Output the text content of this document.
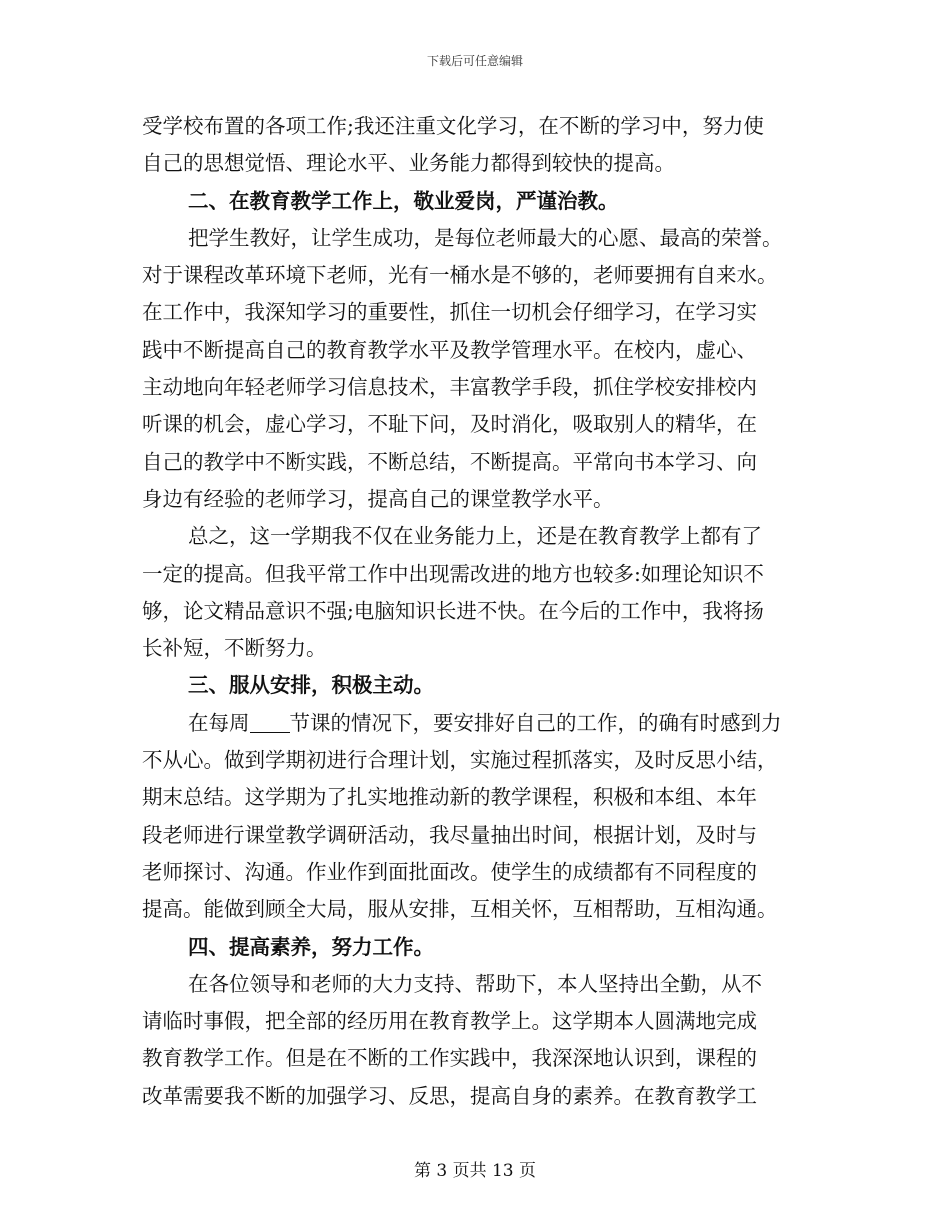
下载后可任意编辑
受学校布置的各项工作;我还注重文化学习，在不断的学习中，努力使
自己的思想觉悟、理论水平、业务能力都得到较快的提高。
二、在教育教学工作上，敬业爱岗，严谨治教。
把学生教好，让学生成功，是每位老师最大的心愿、最高的荣誉。
对于课程改革环境下老师，光有一桶水是不够的，老师要拥有自来水。
在工作中，我深知学习的重要性，抓住一切机会仔细学习，在学习实
践中不断提高自己的教育教学水平及教学管理水平。在校内，虚心、
主动地向年轻老师学习信息技术，丰富教学手段，抓住学校安排校内
听课的机会，虚心学习，不耻下问，及时消化，吸取别人的精华，在
自己的教学中不断实践，不断总结，不断提高。平常向书本学习、向
身边有经验的老师学习，提高自己的课堂教学水平。
总之，这一学期我不仅在业务能力上，还是在教育教学上都有了
一定的提高。但我平常工作中出现需改进的地方也较多:如理论知识不
够，论文精品意识不强;电脑知识长进不快。在今后的工作中，我将扬
长补短，不断努力。
三、服从安排，积极主动。
在每周 节课的情况下，要安排好自己的工作，的确有时感到力
不从心。做到学期初进行合理计划，实施过程抓落实，及时反思小结，
期末总结。这学期为了扎实地推动新的教学课程，积极和本组、本年
段老师进行课堂教学调研活动，我尽量抽出时间，根据计划，及时与
老师探讨、沟通。作业作到面批面改。使学生的成绩都有不同程度的
提高。能做到顾全大局，服从安排，互相关怀，互相帮助，互相沟通。
四、提高素养，努力工作。
在各位领导和老师的大力支持、帮助下，本人坚持出全勤，从不
请临时事假，把全部的经历用在教育教学上。这学期本人圆满地完成
教育教学工作。但是在不断的工作实践中，我深深地认识到，课程的
改革需要我不断的加强学习、反思，提高自身的素养。在教育教学工
第 3 页共 13 页
